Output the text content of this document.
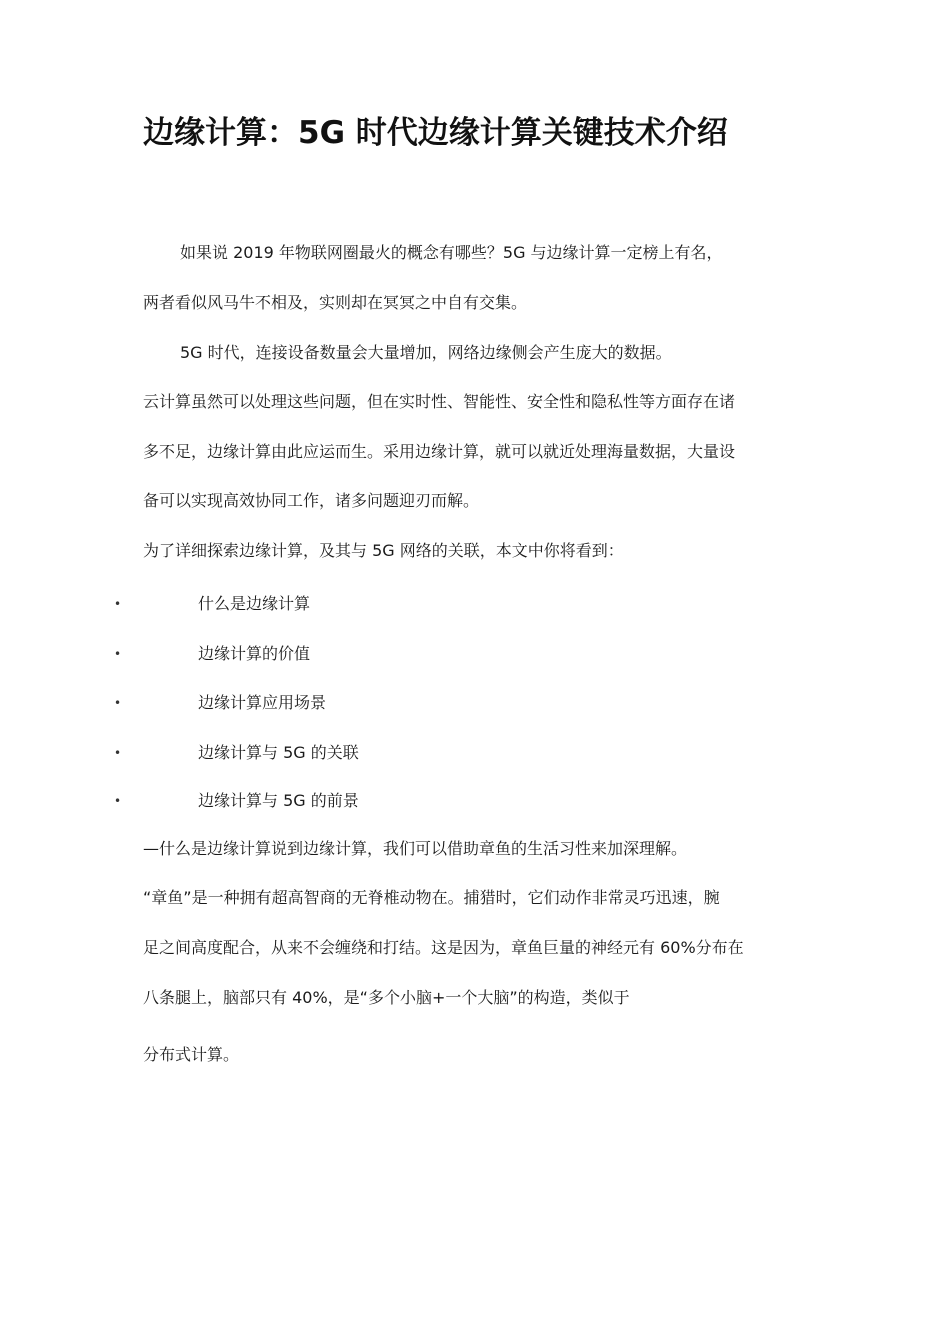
边缘计算：5G 时代边缘计算关键技术介绍
如果说 2019 年物联网圈最火的概念有哪些？5G 与边缘计算一定榜上有名，
两者看似风马牛不相及，实则却在冥冥之中自有交集。
5G 时代，连接设备数量会大量增加，网络边缘侧会产生庞大的数据。
云计算虽然可以处理这些问题，但在实时性、智能性、安全性和隐私性等方面存在诸
多不足，边缘计算由此应运而生。采用边缘计算，就可以就近处理海量数据，大量设
备可以实现高效协同工作，诸多问题迎刃而解。
为了详细探索边缘计算，及其与 5G 网络的关联，本文中你将看到：
•	什么是边缘计算
•	边缘计算的价值
•	边缘计算应用场景
•	边缘计算与 5G 的关联
•	边缘计算与 5G 的前景
—什么是边缘计算说到边缘计算，我们可以借助章鱼的生活习性来加深理解。
“章鱼”是一种拥有超高智商的无脊椎动物在。捕猎时，它们动作非常灵巧迅速，腕
足之间高度配合，从来不会缠绕和打结。这是因为，章鱼巨量的神经元有 60%分布在
八条腿上，脑部只有 40%，是“多个小脑+一个大脑”的构造，类似于
分布式计算。
